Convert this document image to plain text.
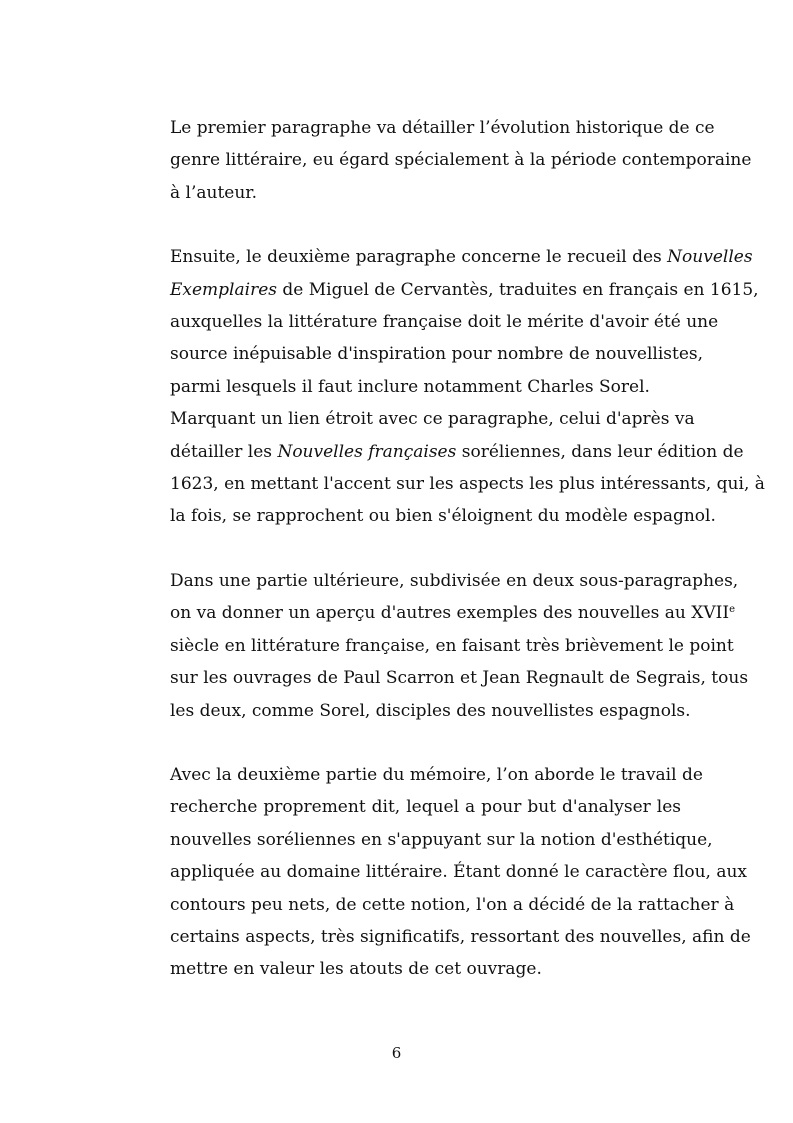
Le premier paragraphe va détailler l’évolution historique de ce
genre littéraire, eu égard spécialement à la période contemporaine
à l’auteur.

Ensuite, le deuxième paragraphe concerne le recueil des Nouvelles
Exemplaires de Miguel de Cervantès, traduites en français en 1615,
auxquelles la littérature française doit le mérite d'avoir été une
source inépuisable d'inspiration pour nombre de nouvellistes,
parmi lesquels il faut inclure notamment Charles Sorel.

Marquant un lien étroit avec ce paragraphe, celui d'après va
détailler les Nouvelles françaises soréliennes, dans leur édition de
1623, en mettant l'accent sur les aspects les plus intéressants, qui, à
la fois, se rapprochent ou bien s'éloignent du modèle espagnol.

Dans une partie ultérieure, subdivisée en deux sous-paragraphes,
on va donner un aperçu d'autres exemples des nouvelles au XVIIe
siècle en littérature française, en faisant très brièvement le point
sur les ouvrages de Paul Scarron et Jean Regnault de Segrais, tous
les deux, comme Sorel, disciples des nouvellistes espagnols.

Avec la deuxième partie du mémoire, l’on aborde le travail de
recherche proprement dit, lequel a pour but d'analyser les
nouvelles soréliennes en s'appuyant sur la notion d'esthétique,
appliquée au domaine littéraire. Étant donné le caractère flou, aux
contours peu nets, de cette notion, l'on a décidé de la rattacher à
certains aspects, très significatifs, ressortant des nouvelles, afin de
mettre en valeur les atouts de cet ouvrage.

6
